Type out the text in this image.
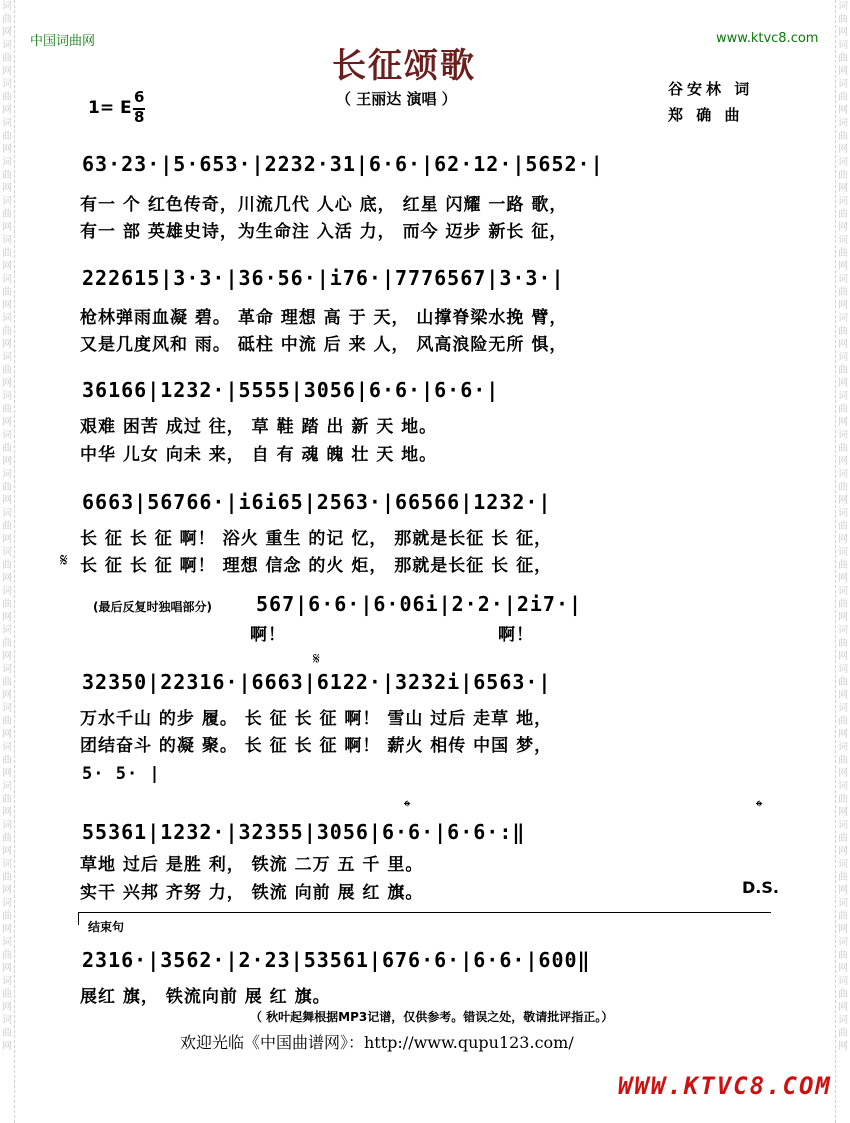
词曲网词曲网词曲网词曲网词曲网词曲网词曲网词曲网词曲网词曲网词曲网词曲网词曲网词曲网词曲网词曲网词曲网词曲网词曲网词曲网词曲网词曲网词曲网词曲网词曲网词曲网词曲网
词曲网词曲网词曲网词曲网词曲网词曲网词曲网词曲网词曲网词曲网词曲网词曲网词曲网词曲网词曲网词曲网词曲网词曲网词曲网词曲网词曲网词曲网词曲网词曲网词曲网词曲网词曲网
中国词曲网	www.ktvc8.com
长征颂歌
（ 王丽达 演唱 ）
谷安林 词
郑 确 曲
1= E
6
8
63·23·|5·653·|2232·31|6·6·|62·12·|5652·|
有一 个 红色传奇，川流几代 人心 底， 红星 闪耀 一路 歌，
有一 部 英雄史诗，为生命注 入活 力， 而今 迈步 新长 征，
222615|3·3·|36·56·|i76·|7776567|3·3·|
枪林弹雨血凝 碧。 革命 理想 高 于 天， 山撑脊梁水挽 臂，
又是几度风和 雨。 砥柱 中流 后 来 人， 风高浪险无所 惧，
36166|1232·|5555|3056|6·6·|6·6·|
艰难 困苦 成过 往， 草 鞋 踏 出 新 天 地。
中华 儿女 向未 来， 自 有 魂 魄 壮 天 地。
6663|56766·|i6i65|2563·|66566|1232·|
长 征 长 征 啊！ 浴火 重生 的记 忆， 那就是长征 长 征，
长 征 长 征 啊！ 理想 信念 的火 炬， 那就是长征 长 征，
𝄋
(最后反复时独唱部分) 567|6·6·|6·06i|2·2·|2i7·|
啊！	啊！
𝄋
32350|22316·|6663|6122·|3232i|6563·|
万水千山 的步 履。 长 征 长 征 啊！ 雪山 过后 走草 地，
团结奋斗 的凝 聚。 长 征 长 征 啊！ 薪火 相传 中国 梦，
5· 5· |
𝄌	𝄌
55361|1232·|32355|3056|6·6·|6·6·:‖
草地 过后 是胜 利， 铁流 二万 五 千 里。
实干 兴邦 齐努 力， 铁流 向前 展 红 旗。	D.S.
结束句
2316·|3562·|2·23|53561|676·6·|6·6·|600‖
展红 旗， 铁流向前 展 红 旗。
（ 秋叶起舞根据MP3记谱，仅供参考。错误之处，敬请批评指正。）
欢迎光临《中国曲谱网》：http://www.qupu123.com/
WWW.KTVC8.COM
